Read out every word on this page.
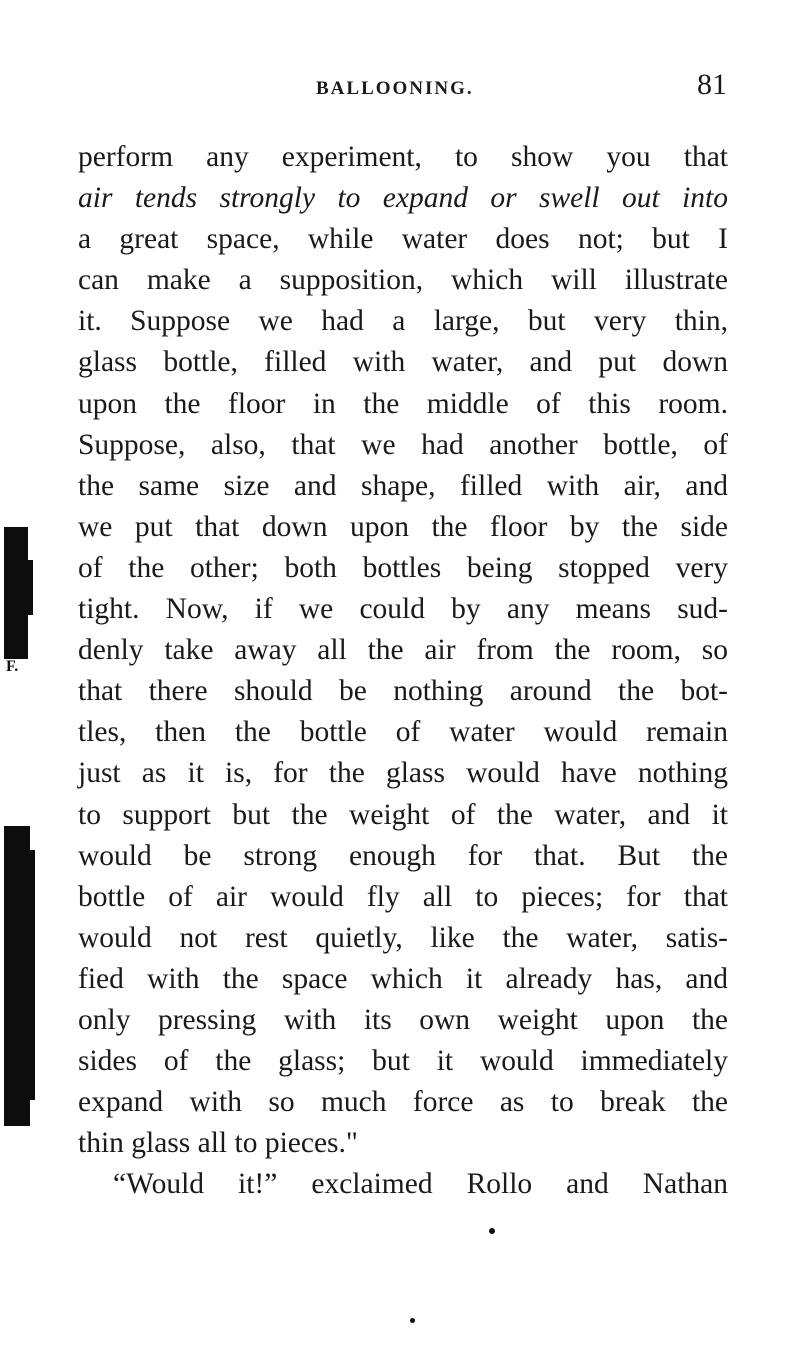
BALLOONING.	81
perform any experiment, to show you that
air tends strongly to expand or swell out into
a great space, while water does not; but I
can make a supposition, which will illustrate
it. Suppose we had a large, but very thin,
glass bottle, filled with water, and put down
upon the floor in the middle of this room.
Suppose, also, that we had another bottle, of
the same size and shape, filled with air, and
we put that down upon the floor by the side
of the other; both bottles being stopped very
tight. Now, if we could by any means sud-
denly take away all the air from the room, so
that there should be nothing around the bot-
tles, then the bottle of water would remain
just as it is, for the glass would have nothing
to support but the weight of the water, and it
would be strong enough for that. But the
bottle of air would fly all to pieces; for that
would not rest quietly, like the water, satis-
fied with the space which it already has, and
only pressing with its own weight upon the
sides of the glass; but it would immediately
expand with so much force as to break the
thin glass all to pieces."
“Would it!” exclaimed Rollo and Nathan
F.
